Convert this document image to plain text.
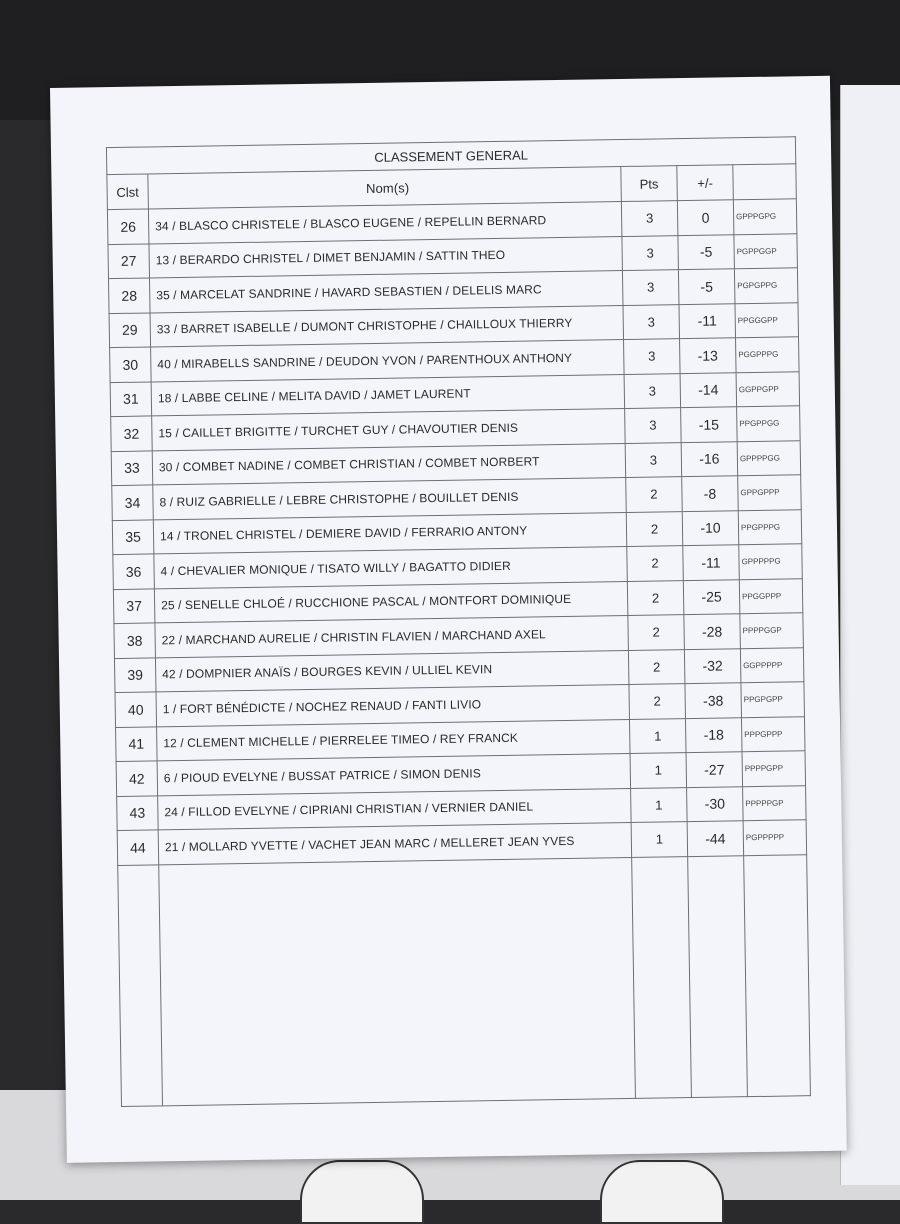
CLASSEMENT GENERAL				
Clst	Nom(s)	Pts	+/-	
26	34 / BLASCO CHRISTELE / BLASCO EUGENE / REPELLIN BERNARD	3	0	GPPPGPG
27	13 / BERARDO CHRISTEL / DIMET BENJAMIN / SATTIN THEO	3	-5	PGPPGGP
28	35 / MARCELAT SANDRINE / HAVARD SEBASTIEN / DELELIS MARC	3	-5	PGPGPPG
29	33 / BARRET ISABELLE / DUMONT CHRISTOPHE / CHAILLOUX THIERRY	3	-11	PPGGGPP
30	40 / MIRABELLS SANDRINE / DEUDON YVON / PARENTHOUX ANTHONY	3	-13	PGGPPPG
31	18 / LABBE CELINE / MELITA DAVID / JAMET LAURENT	3	-14	GGPPGPP
32	15 / CAILLET BRIGITTE / TURCHET GUY / CHAVOUTIER DENIS	3	-15	PPGPPGG
33	30 / COMBET NADINE / COMBET CHRISTIAN / COMBET NORBERT	3	-16	GPPPPGG
34	8 / RUIZ GABRIELLE / LEBRE CHRISTOPHE / BOUILLET DENIS	2	-8	GPPGPPP
35	14 / TRONEL CHRISTEL / DEMIERE DAVID / FERRARIO ANTONY	2	-10	PPGPPPG
36	4 / CHEVALIER MONIQUE / TISATO WILLY / BAGATTO DIDIER	2	-11	GPPPPPG
37	25 / SENELLE CHLOÉ / RUCCHIONE PASCAL / MONTFORT DOMINIQUE	2	-25	PPGGPPP
38	22 / MARCHAND AURELIE / CHRISTIN FLAVIEN / MARCHAND AXEL	2	-28	PPPPGGP
39	42 / DOMPNIER ANAÏS / BOURGES KEVIN / ULLIEL KEVIN	2	-32	GGPPPPP
40	1 / FORT BÉNÉDICTE / NOCHEZ RENAUD / FANTI LIVIO	2	-38	PPGPGPP
41	12 / CLEMENT MICHELLE / PIERRELEE TIMEO / REY FRANCK	1	-18	PPPGPPP
42	6 / PIOUD EVELYNE / BUSSAT PATRICE / SIMON DENIS	1	-27	PPPPGPP
43	24 / FILLOD EVELYNE / CIPRIANI CHRISTIAN / VERNIER DANIEL	1	-30	PPPPPGP
44	21 / MOLLARD YVETTE / VACHET JEAN MARC / MELLERET JEAN YVES	1	-44	PGPPPPP
